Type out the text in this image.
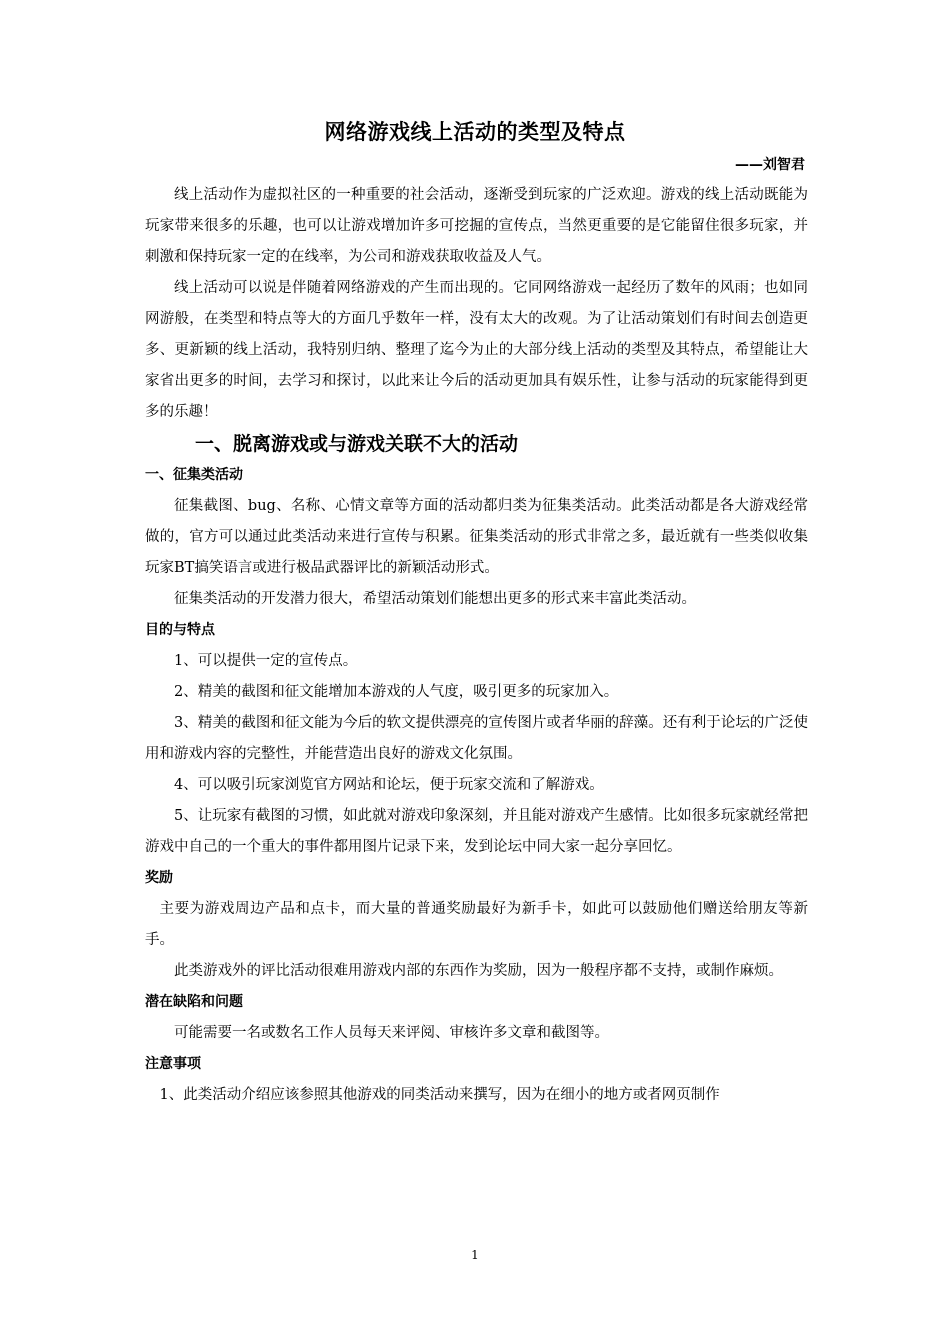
网络游戏线上活动的类型及特点
——刘智君

线上活动作为虚拟社区的一种重要的社会活动，逐渐受到玩家的广泛欢迎。游戏的线上活动既能为玩家带来很多的乐趣，也可以让游戏增加许多可挖掘的宣传点，当然更重要的是它能留住很多玩家，并刺激和保持玩家一定的在线率，为公司和游戏获取收益及人气。

线上活动可以说是伴随着网络游戏的产生而出现的。它同网络游戏一起经历了数年的风雨；也如同网游般，在类型和特点等大的方面几乎数年一样，没有太大的改观。为了让活动策划们有时间去创造更多、更新颖的线上活动，我特别归纳、整理了迄今为止的大部分线上活动的类型及其特点，希望能让大家省出更多的时间，去学习和探讨，以此来让今后的活动更加具有娱乐性，让参与活动的玩家能得到更多的乐趣！

一、脱离游戏或与游戏关联不大的活动
一、征集类活动

征集截图、bug、名称、心情文章等方面的活动都归类为征集类活动。此类活动都是各大游戏经常做的，官方可以通过此类活动来进行宣传与积累。征集类活动的形式非常之多，最近就有一些类似收集玩家BT搞笑语言或进行极品武器评比的新颖活动形式。

征集类活动的开发潜力很大，希望活动策划们能想出更多的形式来丰富此类活动。

目的与特点

1、可以提供一定的宣传点。

2、精美的截图和征文能增加本游戏的人气度，吸引更多的玩家加入。

3、精美的截图和征文能为今后的软文提供漂亮的宣传图片或者华丽的辞藻。还有利于论坛的广泛使用和游戏内容的完整性，并能营造出良好的游戏文化氛围。

4、可以吸引玩家浏览官方网站和论坛，便于玩家交流和了解游戏。

5、让玩家有截图的习惯，如此就对游戏印象深刻，并且能对游戏产生感情。比如很多玩家就经常把游戏中自己的一个重大的事件都用图片记录下来，发到论坛中同大家一起分享回忆。

奖励

主要为游戏周边产品和点卡，而大量的普通奖励最好为新手卡，如此可以鼓励他们赠送给朋友等新手。

此类游戏外的评比活动很难用游戏内部的东西作为奖励，因为一般程序都不支持，或制作麻烦。

潜在缺陷和问题

可能需要一名或数名工作人员每天来评阅、审核许多文章和截图等。

注意事项

1、此类活动介绍应该参照其他游戏的同类活动来撰写，因为在细小的地方或者网页制作

1
